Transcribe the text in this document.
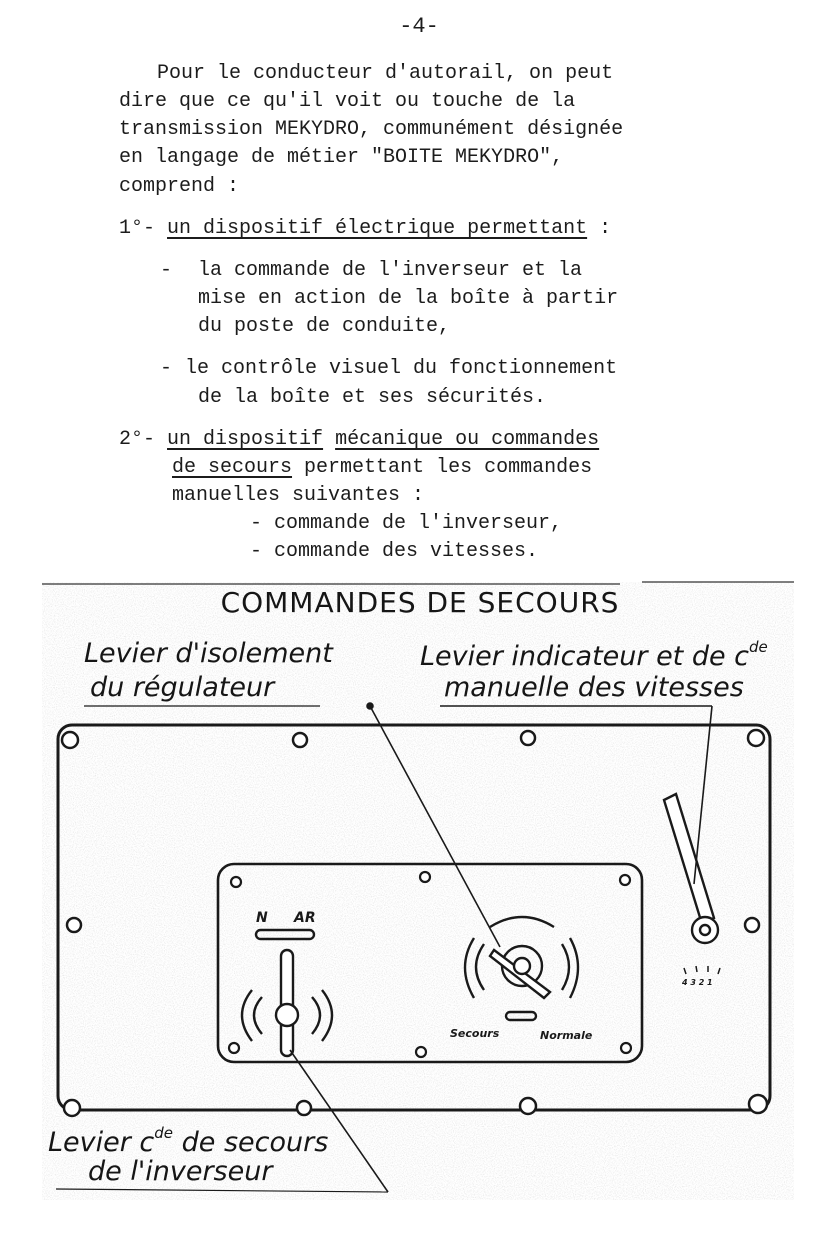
-4-
Pour le conducteur d'autorail, on peut
dire que ce qu'il voit ou touche de la
transmission MEKYDRO, communément désignée
en langage de métier "BOITE MEKYDRO",
comprend :
1°- un dispositif électrique permettant :
- la commande de l'inverseur et la
mise en action de la boîte à partir
du poste de conduite,
- le contrôle visuel du fonctionnement
de la boîte et ses sécurités.
2°- un dispositif mécanique ou commandes
de secours permettant les commandes
manuelles suivantes :
- commande de l'inverseur,
- commande des vitesses.
COMMANDES DE SECOURS
Levier d'isolement
du régulateur
Levier indicateur et de $c^{de}$
manuelle des vitesses
Levier $c^{de}$ de secours
de l'inverseur
N AR
Secours	Normale
4 3 2 1
